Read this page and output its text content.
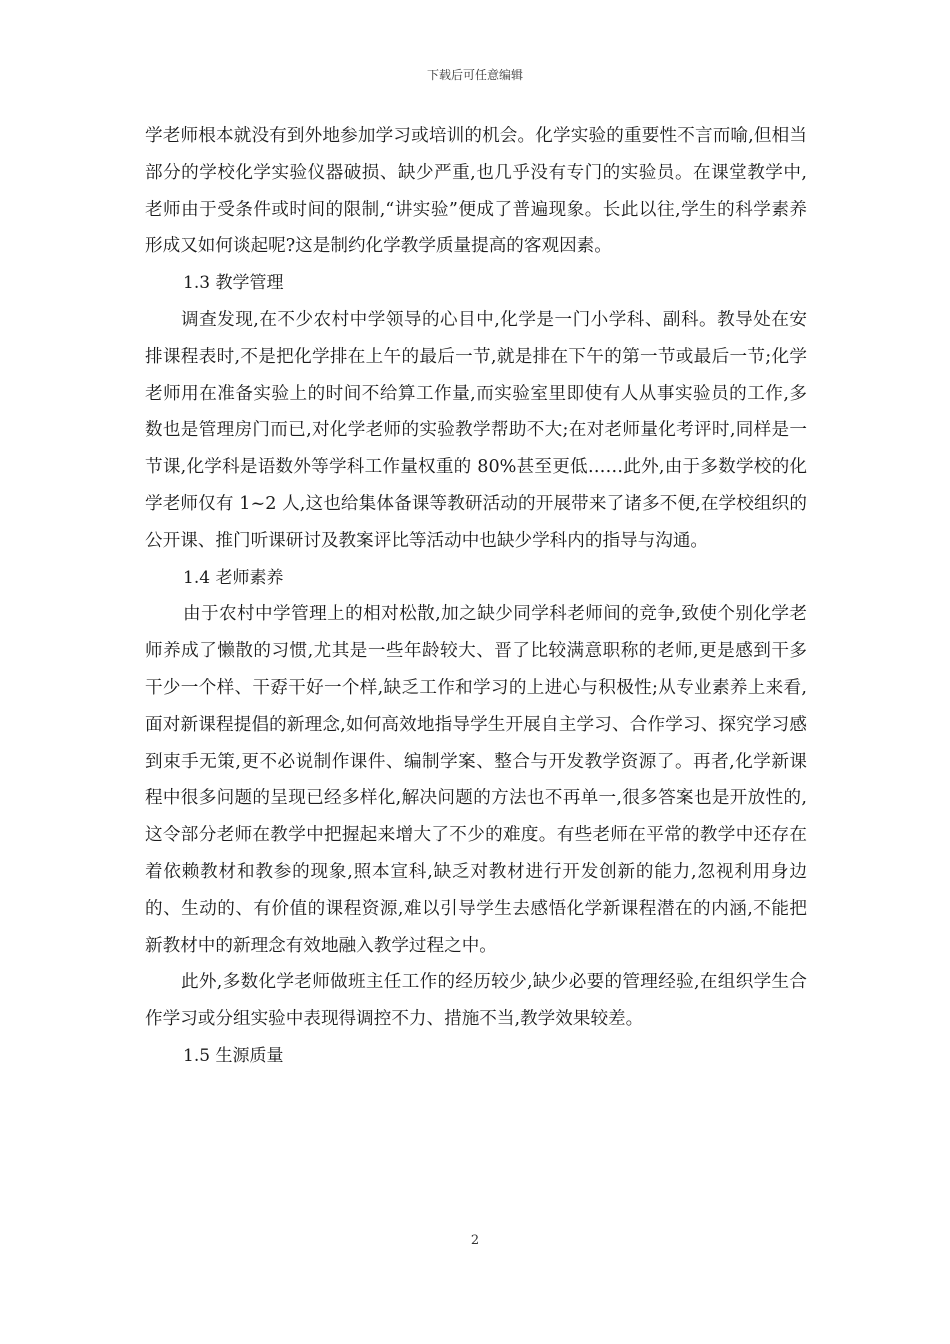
下载后可任意编辑

学老师根本就没有到外地参加学习或培训的机会。化学实验的重要性不言而喻,但相当部分的学校化学实验仪器破损、缺少严重,也几乎没有专门的实验员。在课堂教学中,老师由于受条件或时间的限制,“讲实验”便成了普遍现象。长此以往,学生的科学素养形成又如何谈起呢?这是制约化学教学质量提高的客观因素。

1.3 教学管理

调查发现,在不少农村中学领导的心目中,化学是一门小学科、副科。教导处在安排课程表时,不是把化学排在上午的最后一节,就是排在下午的第一节或最后一节;化学老师用在准备实验上的时间不给算工作量,而实验室里即使有人从事实验员的工作,多数也是管理房门而已,对化学老师的实验教学帮助不大;在对老师量化考评时,同样是一节课,化学科是语数外等学科工作量权重的 80%甚至更低……此外,由于多数学校的化学老师仅有 1~2 人,这也给集体备课等教研活动的开展带来了诸多不便,在学校组织的公开课、推门听课研讨及教案评比等活动中也缺少学科内的指导与沟通。

1.4 老师素养

由于农村中学管理上的相对松散,加之缺少同学科老师间的竞争,致使个别化学老师养成了懒散的习惯,尤其是一些年龄较大、晋了比较满意职称的老师,更是感到干多干少一个样、干孬干好一个样,缺乏工作和学习的上进心与积极性;从专业素养上来看,面对新课程提倡的新理念,如何高效地指导学生开展自主学习、合作学习、探究学习感到束手无策,更不必说制作课件、编制学案、整合与开发教学资源了。再者,化学新课程中很多问题的呈现已经多样化,解决问题的方法也不再单一,很多答案也是开放性的,这令部分老师在教学中把握起来增大了不少的难度。有些老师在平常的教学中还存在着依赖教材和教参的现象,照本宣科,缺乏对教材进行开发创新的能力,忽视利用身边的、生动的、有价值的课程资源,难以引导学生去感悟化学新课程潜在的内涵,不能把新教材中的新理念有效地融入教学过程之中。

此外,多数化学老师做班主任工作的经历较少,缺少必要的管理经验,在组织学生合作学习或分组实验中表现得调控不力、措施不当,教学效果较差。

1.5 生源质量

2
